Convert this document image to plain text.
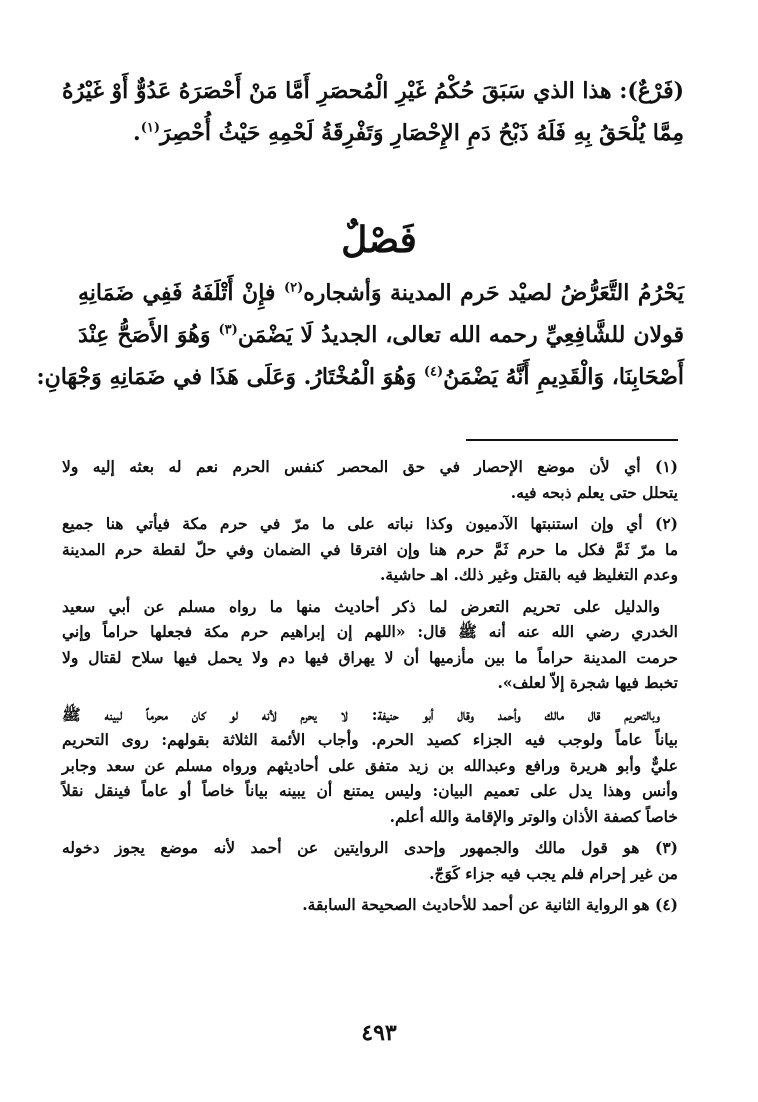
(فَرْعٌ): هذا الذي سَبَقَ حُكْمُ غَيْرِ الْمُحصَرِ أَمَّا مَنْ أَحْصَرَهُ عَدُوٌّ أَوْ غَيْرُهُ
مِمَّا يُلْحَقُ بِهِ فَلَهُ ذَبْحُ دَمِ الإِحْصَارِ وَتَفْرِقَةُ لَحْمِهِ حَيْثُ أُحْصِرَ$^{(١)}$.
فَصْلٌ
يَحْرُمُ التَّعَرُّضُ لصيْد حَرم المدينة وَأشجاره$^{(٢)}$ فإِنْ أَتْلَفَهُ فَفِي ضَمَانِهِ
قولان للشَّافِعِيِّ رحمه الله تعالى، الجديدُ لَا يَضْمَن$^{(٣)}$ وَهُوَ الأَصَحُّ عِنْدَ
أَصْحَابِنَا، وَالْقَدِيمِ أَنَّهُ يَضْمَنُ$^{(٤)}$ وَهُوَ الْمُخْتَارُ. وَعَلَى هَذَا في ضَمَانِهِ وَجْهَانِ:
(١) أي لأن موضع الإحصار في حق المحصر كنفس الحرم نعم له بعثه إليه ولا
يتحلل حتى يعلم ذبحه فيه.
(٢) أي وإن استنبتها الآدميون وكذا نباته على ما مرّ في حرم مكة فيأتي هنا جميع
ما مرّ ثَمَّ فكل ما حرم ثَمَّ حرم هنا وإن افترقا في الضمان وفي حلّ لقطة حرم المدينة
وعدم التغليظ فيه بالقتل وغير ذلك. اهـ حاشية.
والدليل على تحريم التعرض لما ذكر أحاديث منها ما رواه مسلم عن أبي سعيد
الخدري رضي الله عنه أنه ﷺ قال: «اللهم إن إبراهيم حرم مكة فجعلها حراماً وإني
حرمت المدينة حراماً ما بين مأزميها أن لا يهراق فيها دم ولا يحمل فيها سلاح لقتال ولا
تخبط فيها شجرة إلاّ لعلف».
وبالتحريم قال مالك وأحمد وقال أبو حنيفة: لا يحرم لأنه لو كان محرماً لبينه ﷺ
بياناً عاماً ولوجب فيه الجزاء كصيد الحرم. وأجاب الأئمة الثلاثة بقولهم: روى التحريم
عليٌّ وأبو هريرة ورافع وعبدالله بن زيد متفق على أحاديثهم ورواه مسلم عن سعد وجابر
وأنس وهذا يدل على تعميم البيان: وليس يمتنع أن يبينه بياناً خاصاً أو عاماً فينقل نقلاً
خاصاً كصفة الأذان والوتر والإقامة والله أعلم.
(٣) هو قول مالك والجمهور وإحدى الروايتين عن أحمد لأنه موضع يجوز دخوله
من غير إحرام فلم يجب فيه جزاء كَوَجّ.
(٤) هو الرواية الثانية عن أحمد للأحاديث الصحيحة السابقة.

٤٩٣
